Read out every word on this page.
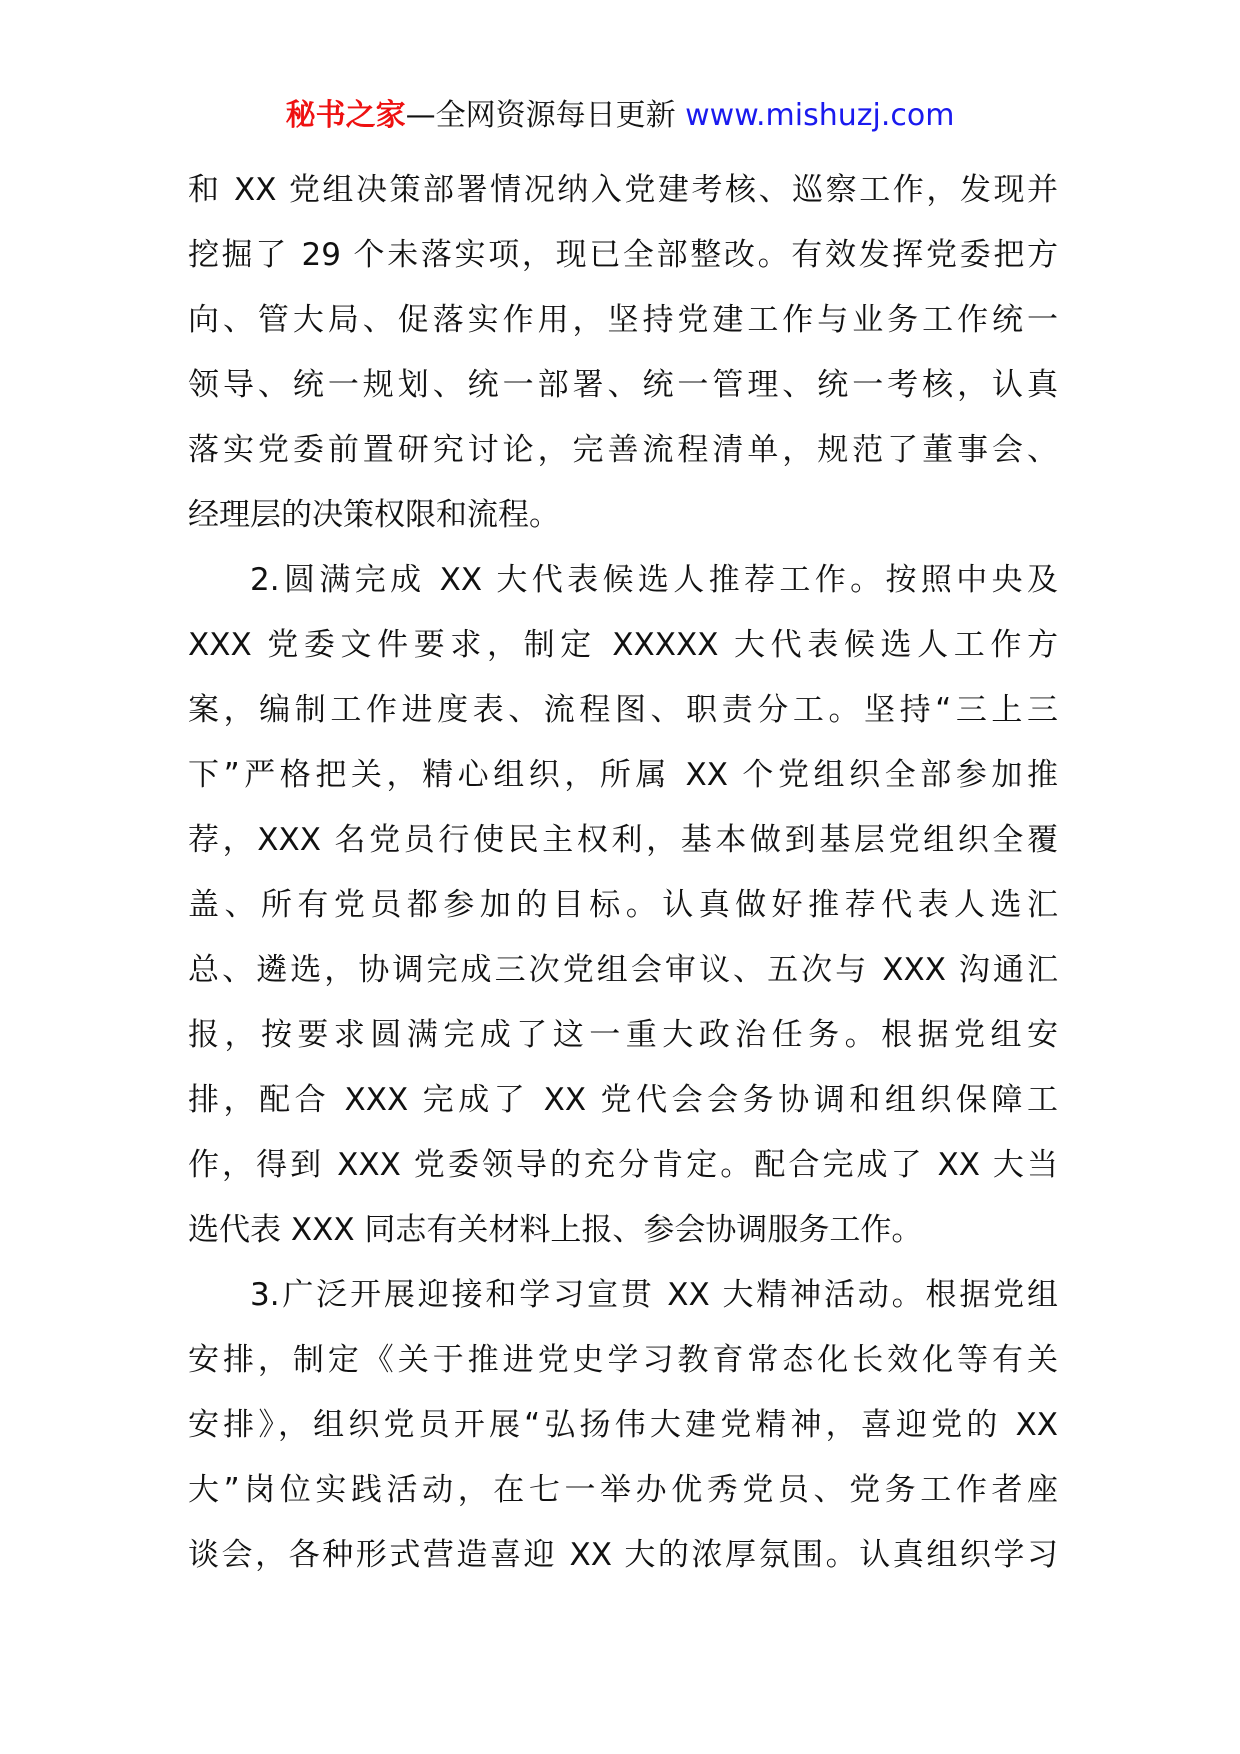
秘书之家—全网资源每日更新 www.mishuzj.com
和 XX 党组决策部署情况纳入党建考核、巡察工作，发现并
挖掘了 29 个未落实项，现已全部整改。有效发挥党委把方
向、管大局、促落实作用，坚持党建工作与业务工作统一
领导、统一规划、统一部署、统一管理、统一考核，认真
落实党委前置研究讨论，完善流程清单，规范了董事会、
经理层的决策权限和流程。
2.圆满完成 XX 大代表候选人推荐工作。按照中央及
XXX 党委文件要求，制定 XXXXX 大代表候选人工作方
案，编制工作进度表、流程图、职责分工。坚持“三上三
下”严格把关，精心组织，所属 XX 个党组织全部参加推
荐，XXX 名党员行使民主权利，基本做到基层党组织全覆
盖、所有党员都参加的目标。认真做好推荐代表人选汇
总、遴选，协调完成三次党组会审议、五次与 XXX 沟通汇
报，按要求圆满完成了这一重大政治任务。根据党组安
排，配合 XXX 完成了 XX 党代会会务协调和组织保障工
作，得到 XXX 党委领导的充分肯定。配合完成了 XX 大当
选代表 XXX 同志有关材料上报、参会协调服务工作。
3.广泛开展迎接和学习宣贯 XX 大精神活动。根据党组
安排，制定《关于推进党史学习教育常态化长效化等有关
安排》，组织党员开展“弘扬伟大建党精神，喜迎党的 XX
大”岗位实践活动，在七一举办优秀党员、党务工作者座
谈会，各种形式营造喜迎 XX 大的浓厚氛围。认真组织学习
